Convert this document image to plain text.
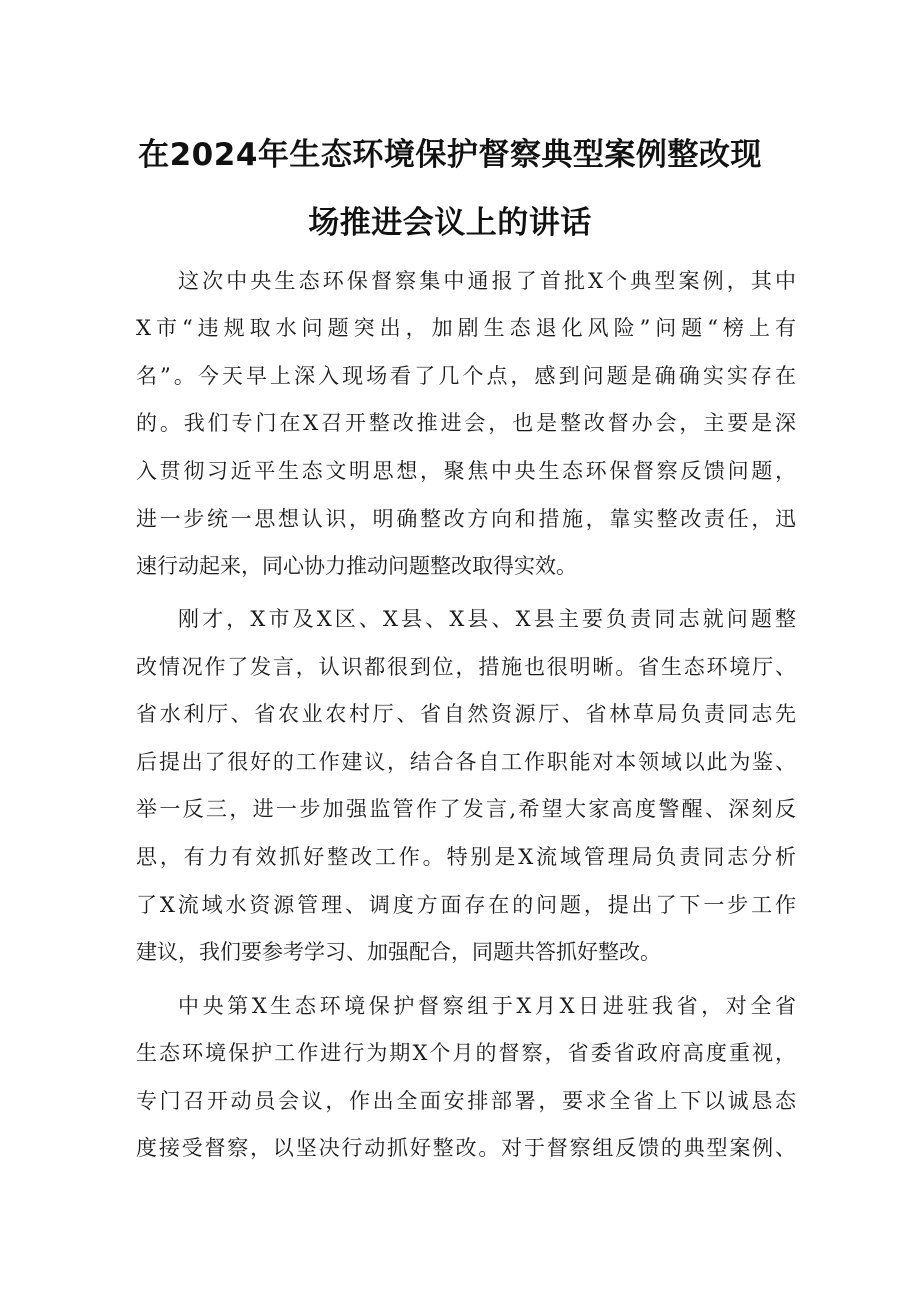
在2024年生态环境保护督察典型案例整改现
场推进会议上的讲话
这次中央生态环保督察集中通报了首批X个典型案例，其中
X市“违规取水问题突出，加剧生态退化风险”问题“榜上有
名”。今天早上深入现场看了几个点，感到问题是确确实实存在
的。我们专门在X召开整改推进会，也是整改督办会，主要是深
入贯彻习近平生态文明思想，聚焦中央生态环保督察反馈问题，
进一步统一思想认识，明确整改方向和措施，靠实整改责任，迅
速行动起来，同心协力推动问题整改取得实效。
刚才，X市及X区、X县、X县、X县主要负责同志就问题整
改情况作了发言，认识都很到位，措施也很明晰。省生态环境厅、
省水利厅、省农业农村厅、省自然资源厅、省林草局负责同志先
后提出了很好的工作建议，结合各自工作职能对本领域以此为鉴、
举一反三，进一步加强监管作了发言,希望大家高度警醒、深刻反
思，有力有效抓好整改工作。特别是X流域管理局负责同志分析
了X流域水资源管理、调度方面存在的问题，提出了下一步工作
建议，我们要参考学习、加强配合，同题共答抓好整改。
中央第X生态环境保护督察组于X月X日进驻我省，对全省
生态环境保护工作进行为期X个月的督察，省委省政府高度重视，
专门召开动员会议，作出全面安排部署，要求全省上下以诚恳态
度接受督察，以坚决行动抓好整改。对于督察组反馈的典型案例、
